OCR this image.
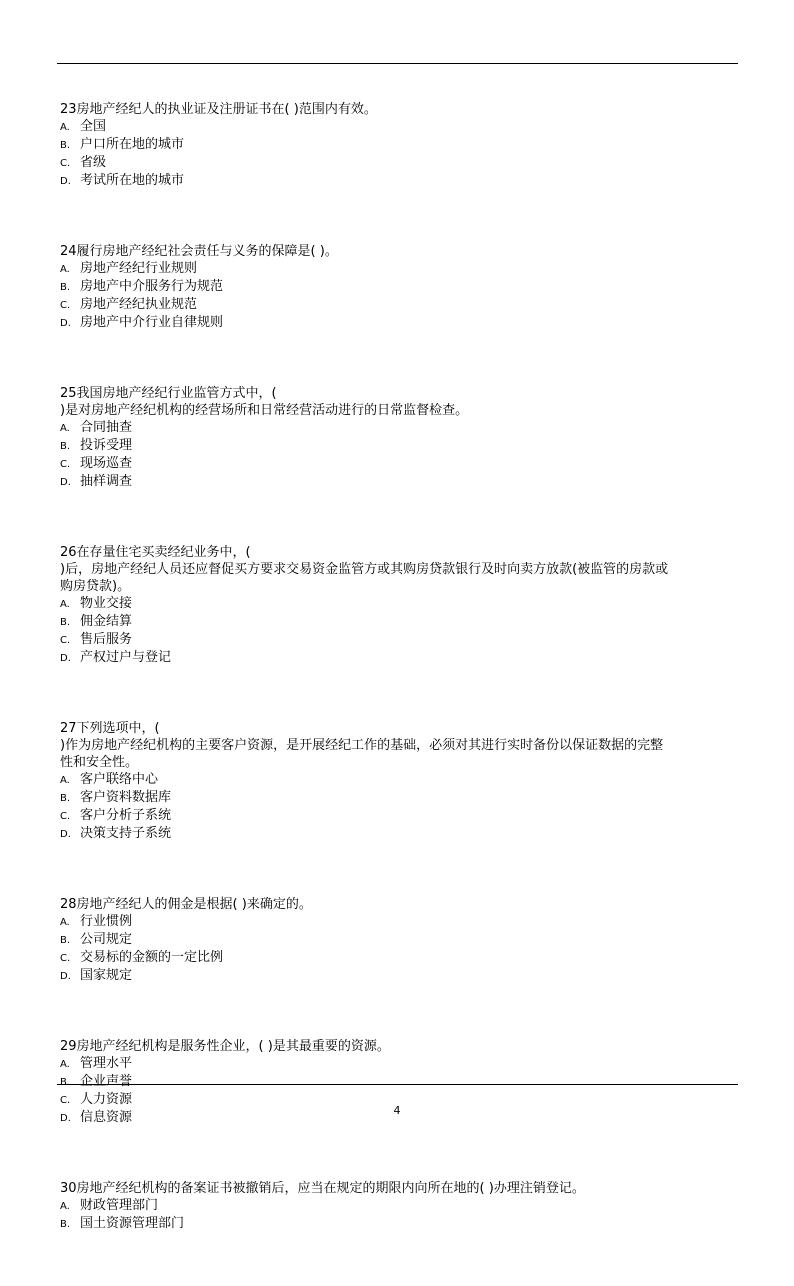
23房地产经纪人的执业证及注册证书在( )范围内有效。
A. 全国
B. 户口所在地的城市
C. 省级
D. 考试所在地的城市
24履行房地产经纪社会责任与义务的保障是( )。
A. 房地产经纪行业规则
B. 房地产中介服务行为规范
C. 房地产经纪执业规范
D. 房地产中介行业自律规则
25我国房地产经纪行业监管方式中，(
)是对房地产经纪机构的经营场所和日常经营活动进行的日常监督检查。
A. 合同抽查
B. 投诉受理
C. 现场巡查
D. 抽样调查
26在存量住宅买卖经纪业务中，(
)后，房地产经纪人员还应督促买方要求交易资金监管方或其购房贷款银行及时向卖方放款(被监管的房款或
购房贷款)。
A. 物业交接
B. 佣金结算
C. 售后服务
D. 产权过户与登记
27下列选项中，(
)作为房地产经纪机构的主要客户资源，是开展经纪工作的基础，必须对其进行实时备份以保证数据的完整
性和安全性。
A. 客户联络中心
B. 客户资料数据库
C. 客户分析子系统
D. 决策支持子系统
28房地产经纪人的佣金是根据( )来确定的。
A. 行业惯例
B. 公司规定
C. 交易标的金额的一定比例
D. 国家规定
29房地产经纪机构是服务性企业，( )是其最重要的资源。
A. 管理水平
B. 企业声誉
C. 人力资源
D. 信息资源
30房地产经纪机构的备案证书被撤销后，应当在规定的期限内向所在地的( )办理注销登记。
A. 财政管理部门
B. 国土资源管理部门
4
